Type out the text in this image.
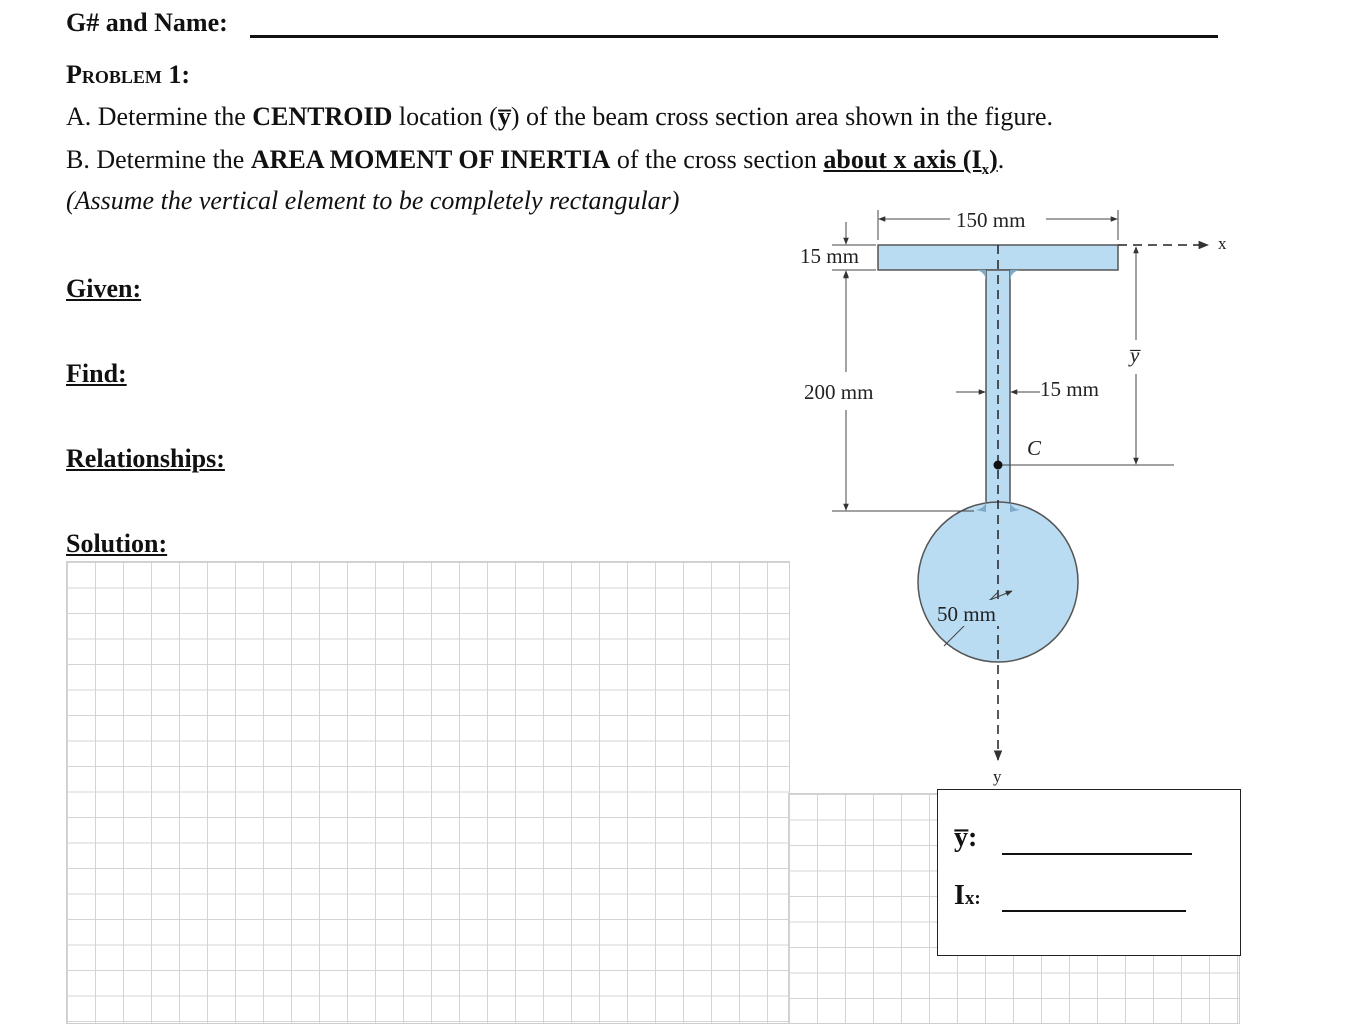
G# and Name:
Problem 1:
A. Determine the CENTROID location (y̅) of the beam cross section area shown in the figure.
B. Determine the AREA MOMENT OF INERTIA of the cross section about x axis $(I_x)$.
(Assume the vertical element to be completely rectangular)
Given:
Find:
Relationships:
Solution:
y
x
150 mm
15 mm
200 mm	15 mm
C
y̅
50 mm
y̅:
Ix:
